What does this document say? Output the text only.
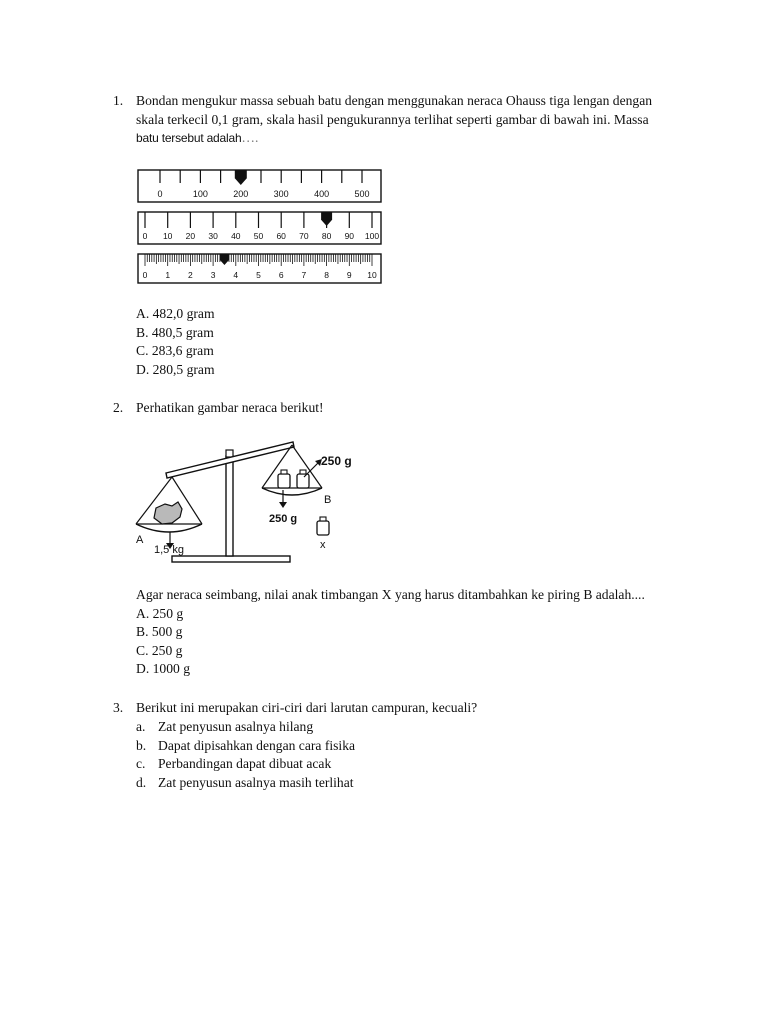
1. Bondan mengukur massa sebuah batu dengan menggunakan neraca Ohauss tiga lengan dengan
skala terkecil 0,1 gram, skala hasil pengukurannya terlihat seperti gambar di bawah ini. Massa
batu tersebut adalah….
0	100	200	300	400	500
0 10 20 30 40 50 60 70 80 90 100
0 1 2 3 4 5 6 7 8 9 10
A. 482,0 gram
B. 480,5 gram
C. 283,6 gram
D. 280,5 gram
2. Perhatikan gambar neraca berikut!
A
1,5 kg
250 g
B
250 g
x
Agar neraca seimbang, nilai anak timbangan X yang harus ditambahkan ke piring B adalah....
A. 250 g
B. 500 g
C. 250 g
D. 1000 g
3. Berikut ini merupakan ciri-ciri dari larutan campuran, kecuali?
a. Zat penyusun asalnya hilang
b. Dapat dipisahkan dengan cara fisika
c. Perbandingan dapat dibuat acak
d. Zat penyusun asalnya masih terlihat
